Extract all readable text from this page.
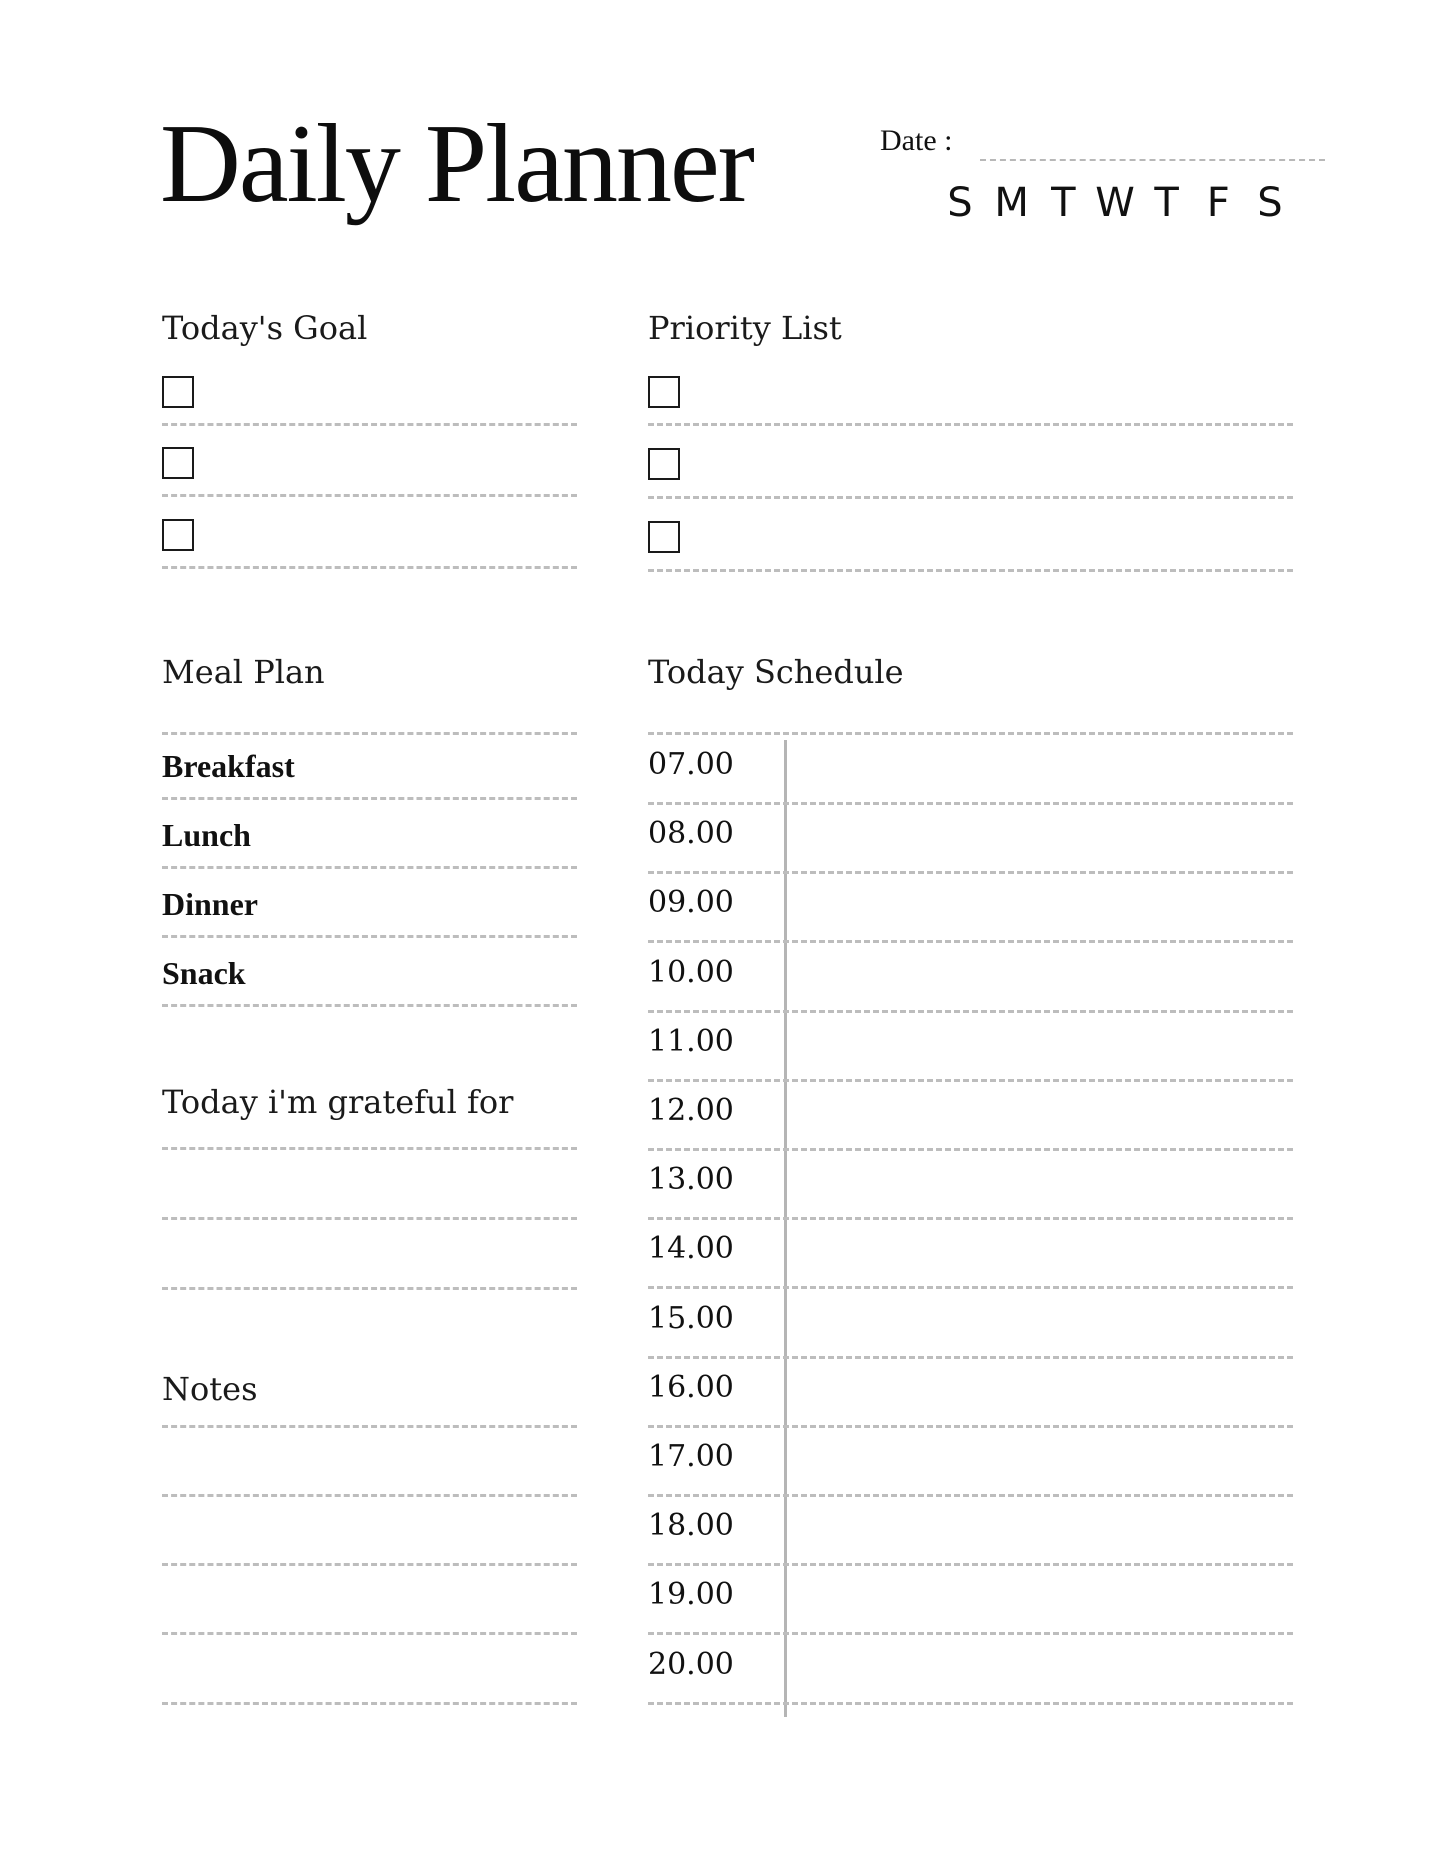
Daily Planner	Date :
S M T W T F S
Today's Goal	Priority List
Meal Plan
Breakfast
Lunch
Dinner
Snack
Today i'm grateful for
Notes
Today Schedule
07.00
08.00
09.00
10.00
11.00
12.00
13.00
14.00
15.00
16.00
17.00
18.00
19.00
20.00
